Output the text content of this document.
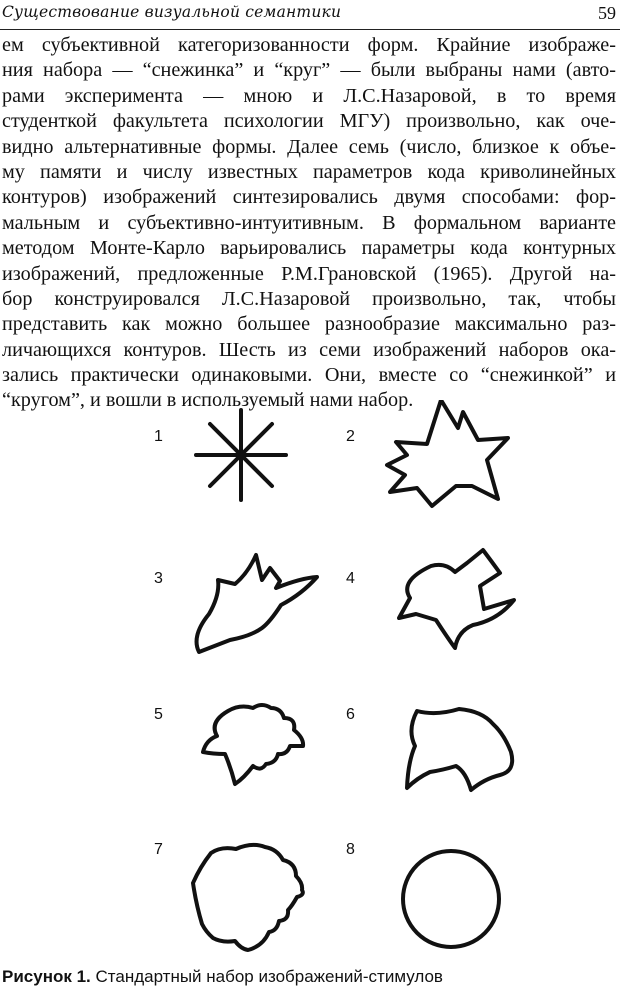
Существование визуальной семантики	59
ем субъективной категоризованности форм. Крайние изображе-
ния набора — “снежинка” и “круг” — были выбраны нами (авто-
рами эксперимента — мною и Л.С.Назаровой, в то время
студенткой факультета психологии МГУ) произвольно, как оче-
видно альтернативные формы. Далее семь (число, близкое к объе-
му памяти и числу известных параметров кода криволинейных
контуров) изображений синтезировались двумя способами: фор-
мальным и субъективно-интуитивным. В формальном варианте
методом Монте-Карло варьировались параметры кода контурных
изображений, предложенные Р.М.Грановской (1965). Другой на-
бор конструировался Л.С.Назаровой произвольно, так, чтобы
представить как можно большее разнообразие максимально раз-
личающихся контуров. Шесть из семи изображений наборов ока-
зались практически одинаковыми. Они, вместе со “снежинкой” и
“кругом”, и вошли в используемый нами набор.
1	2
3	4
5	6
7	8
Рисунок 1. Стандартный набор изображений-стимулов
